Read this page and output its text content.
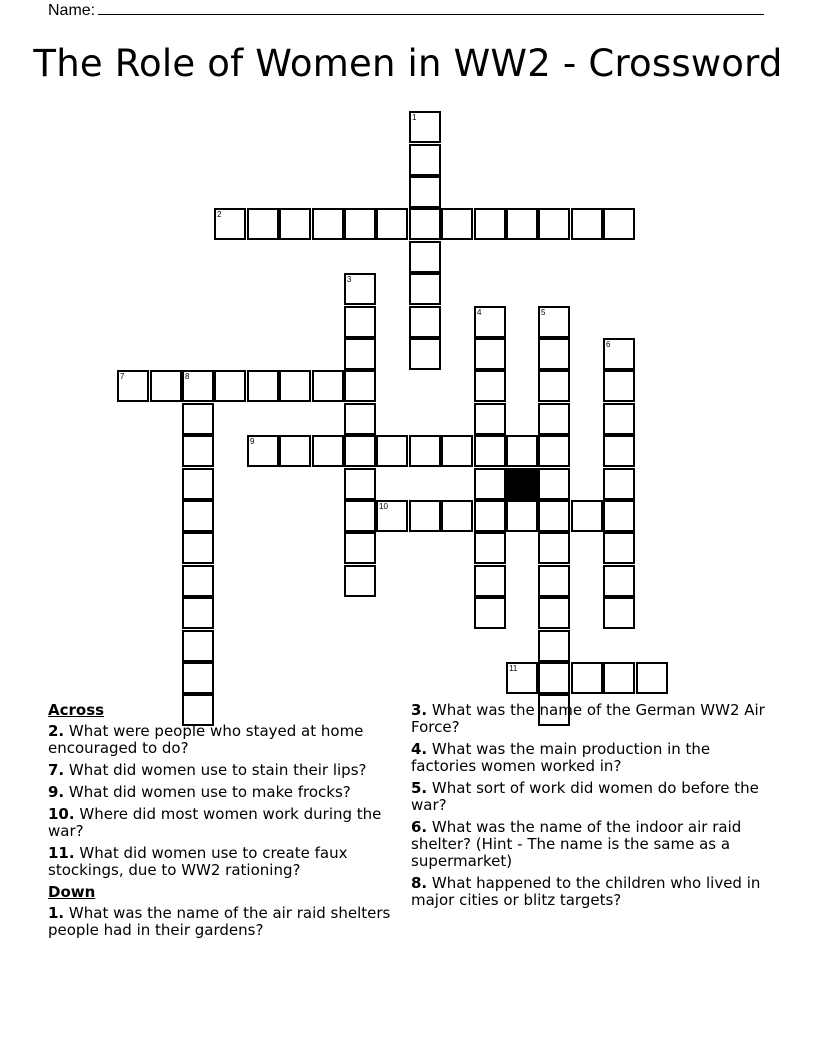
Name:
The Role of Women in WW2 - Crossword
1
2
3
4	5
6
7	8
9
10
11
Across
2. What were people who stayed at home encouraged to do?
7. What did women use to stain their lips?
9. What did women use to make frocks?
10. Where did most women work during the war?
11. What did women use to create faux stockings, due to WW2 rationing?
Down
1. What was the name of the air raid shelters people had in their gardens?
3. What was the name of the German WW2 Air Force?
4. What was the main production in the factories women worked in?
5. What sort of work did women do before the war?
6. What was the name of the indoor air raid shelter? (Hint - The name is the same as a supermarket)
8. What happened to the children who lived in major cities or blitz targets?
